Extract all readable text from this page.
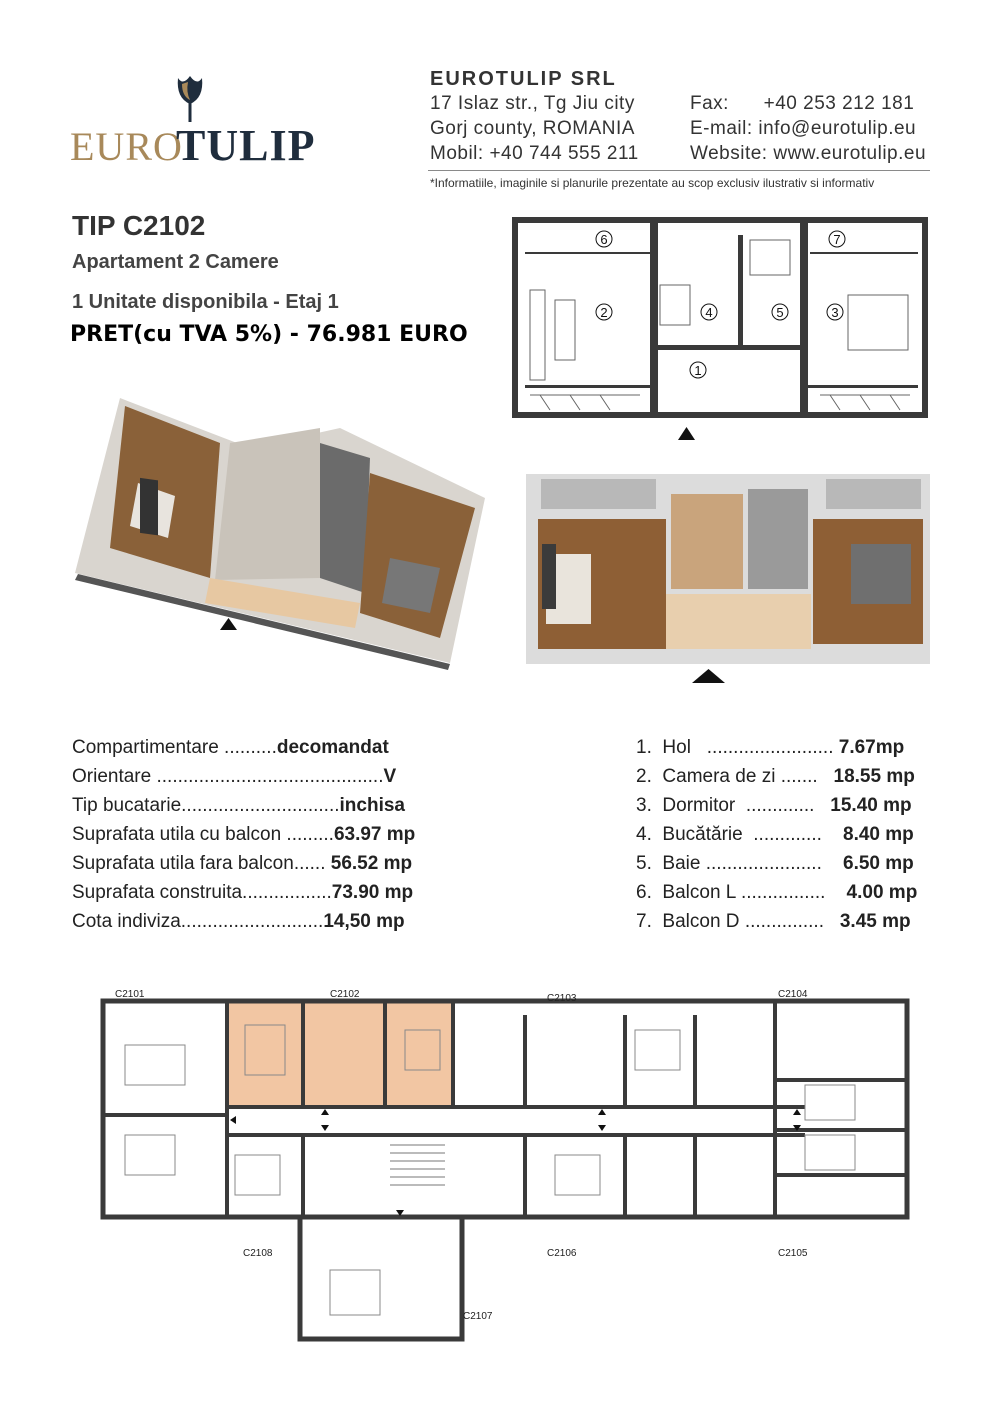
EURO
TULIP
EUROTULIP SRL
17 Islaz str., Tg Jiu city
Gorj county, ROMANIA
Mobil: +40 744 555 211
Fax:      +40 253 212 181
E-mail: info@eurotulip.eu
Website: www.eurotulip.eu
*Informatiile, imaginile si planurile prezentate au scop exclusiv ilustrativ si informativ
TIP C2102
Apartament 2 Camere
1 Unitate disponibila - Etaj 1
PRET(cu TVA 5%) - 76.981 EURO
6
2	4	5	3
7
1
Compartimentare ..........decomandat
Orientare ...........................................V
Tip bucatarie..............................inchisa
Suprafata utila cu balcon .........63.97 mp
Suprafata utila fara balcon...... 56.52 mp
Suprafata construita.................73.90 mp
Cota indiviza...........................14,50 mp
1. Hol ........................ 7.67mp
2. Camera de zi ....... 18.55 mp
3. Dormitor ............. 15.40 mp
4. Bucătărie ............. 8.40 mp
5. Baie ...................... 6.50 mp
6. Balcon L ................ 4.00 mp
7. Balcon D ............... 3.45 mp
C2101	C2102	C2103	C2104
C2108	C2106	C2105
C2107
